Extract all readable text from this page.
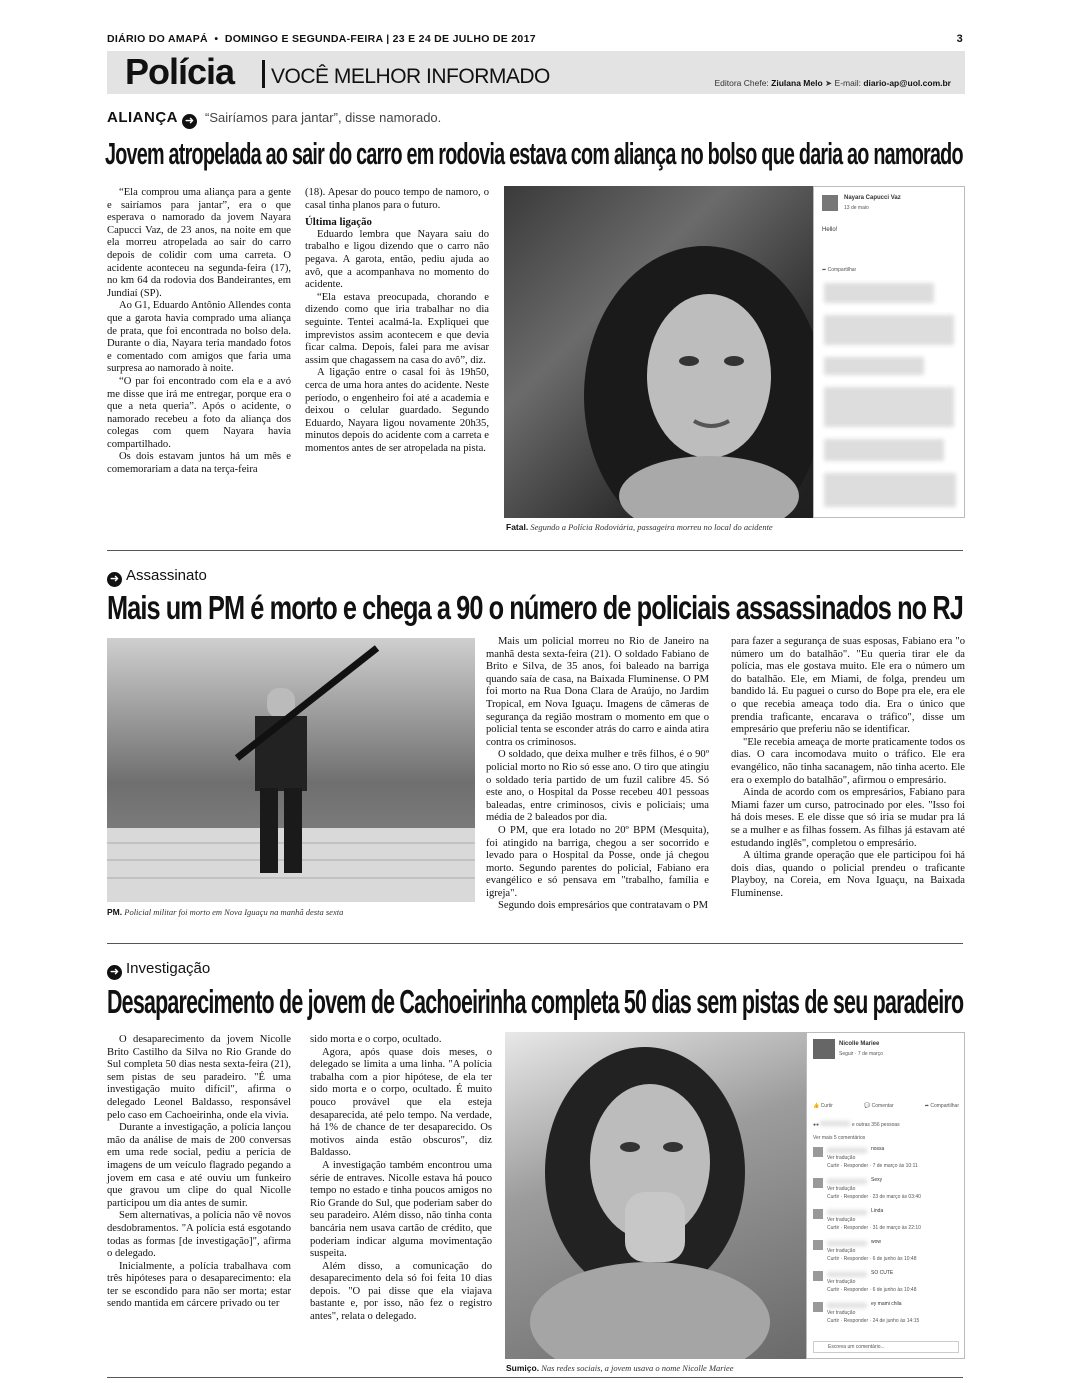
DIÁRIO DO AMAPÁ  •  DOMINGO E SEGUNDA-FEIRA | 23 E 24 DE JULHO DE 2017	3
Polícia VOCÊ MELHOR INFORMADO	Editora Chefe: Ziulana Melo ➤ E-mail: diario-ap@uol.com.br
ALIANÇA ➜ “Sairíamos para jantar”, disse namorado.
Jovem atropelada ao sair do carro em rodovia estava com aliança no bolso que daria ao namorado

“Ela comprou uma aliança para a gente e sairíamos para jantar”, era o que esperava o namorado da jovem Nayara Capucci Vaz, de 23 anos, na noite em que ela morreu atropelada ao sair do carro depois de colidir com uma carreta. O acidente aconteceu na segunda-feira (17), no km 64 da rodovia dos Bandeirantes, em Jundiaí (SP).

Ao G1, Eduardo Antônio Allendes conta que a garota havia comprado uma aliança de prata, que foi encontrada no bolso dela. Durante o dia, Nayara teria mandado fotos e comentado com amigos que faria uma surpresa ao namorado à noite.

“O par foi encontrado com ela e a avó me disse que irá me entregar, porque era o que a neta queria”. Após o acidente, o namorado recebeu a foto da aliança dos colegas com quem Nayara havia compartilhado.

Os dois estavam juntos há um mês e comemorariam a data na terça-feira

(18). Apesar do pouco tempo de namoro, o casal tinha planos para o futuro.

Última ligação

Eduardo lembra que Nayara saiu do trabalho e ligou dizendo que o carro não pegava. A garota, então, pediu ajuda ao avô, que a acompanhava no momento do acidente.

“Ela estava preocupada, chorando e dizendo como que iria trabalhar no dia seguinte. Tentei acalmá-la. Expliquei que imprevistos assim acontecem e que devia ficar calma. Depois, falei para me avisar assim que chagassem na casa do avô”, diz.

A ligação entre o casal foi às 19h50, cerca de uma hora antes do acidente. Neste período, o engenheiro foi até a academia e deixou o celular guardado. Segundo Eduardo, Nayara ligou novamente 20h35, minutos depois do acidente com a carreta e momentos antes de ser atropelada na pista.

Nayara Capucci Vaz
13 de maio
Hello!
➦ Compartilhar
Fatal. Segundo a Polícia Rodoviária, passageira morreu no local do acidente
➜ Assassinato
Mais um PM é morto e chega a 90 o número de policiais assassinados no RJ
PM. Policial militar foi morto em Nova Iguaçu na manhã desta sexta

Mais um policial morreu no Rio de Janeiro na manhã desta sexta-feira (21). O soldado Fabiano de Brito e Silva, de 35 anos, foi baleado na barriga quando saía de casa, na Baixada Fluminense. O PM foi morto na Rua Dona Clara de Araújo, no Jardim Tropical, em Nova Iguaçu. Imagens de câmeras de segurança da região mostram o momento em que o policial tenta se esconder atrás do carro e ainda atira contra os criminosos.

O soldado, que deixa mulher e três filhos, é o 90º policial morto no Rio só esse ano. O tiro que atingiu o soldado teria partido de um fuzil calibre 45. Só este ano, o Hospital da Posse recebeu 401 pessoas baleadas, entre criminosos, civis e policiais; uma média de 2 baleados por dia.

O PM, que era lotado no 20º BPM (Mesquita), foi atingido na barriga, chegou a ser socorrido e levado para o Hospital da Posse, onde já chegou morto. Segundo parentes do policial, Fabiano era evangélico e só pensava em "trabalho, família e igreja".

Segundo dois empresários que contratavam o PM

para fazer a segurança de suas esposas, Fabiano era "o número um do batalhão". "Eu queria tirar ele da polícia, mas ele gostava muito. Ele era o número um do batalhão. Ele, em Miami, de folga, prendeu um bandido lá. Eu paguei o curso do Bope pra ele, era ele o que recebia ameaça todo dia. Era o único que prendia traficante, encarava o tráfico", disse um empresário que preferiu não se identificar.

"Ele recebia ameaça de morte praticamente todos os dias. O cara incomodava muito o tráfico. Ele era evangélico, não tinha sacanagem, não tinha acerto. Ele era o exemplo do batalhão", afirmou o empresário.

Ainda de acordo com os empresários, Fabiano para Miami fazer um curso, patrocinado por eles. "Isso foi há dois meses. E ele disse que só iria se mudar pra lá se a mulher e as filhas fossem. As filhas já estavam até estudando inglês", completou o empresário.

A última grande operação que ele participou foi há dois dias, quando o policial prendeu o traficante Playboy, na Coreia, em Nova Iguaçu, na Baixada Fluminense.

➜ Investigação
Desaparecimento de jovem de Cachoeirinha completa 50 dias sem pistas de seu paradeiro

O desaparecimento da jovem Nicolle Brito Castilho da Silva no Rio Grande do Sul completa 50 dias nesta sexta-feira (21), sem pistas de seu paradeiro. "É uma investigação muito difícil", afirma o delegado Leonel Baldasso, responsável pelo caso em Cachoeirinha, onde ela vivia.

Durante a investigação, a polícia lançou mão da análise de mais de 200 conversas em uma rede social, pediu a perícia de imagens de um veículo flagrado pegando a jovem em casa e até ouviu um funkeiro que gravou um clipe do qual Nicolle participou um dia antes de sumir.

Sem alternativas, a polícia não vê novos desdobramentos. "A polícia está esgotando todas as formas [de investigação]", afirma o delegado.

Inicialmente, a polícia trabalhava com três hipóteses para o desaparecimento: ela ter se escondido para não ser morta; estar sendo mantida em cárcere privado ou ter

sido morta e o corpo, ocultado.

Agora, após quase dois meses, o delegado se limita a uma linha. "A polícia trabalha com a pior hipótese, de ela ter sido morta e o corpo, ocultado. É muito pouco provável que ela esteja desaparecida, até pelo tempo. Na verdade, há 1% de chance de ter desaparecido. Os motivos ainda estão obscuros", diz Baldasso.

A investigação também encontrou uma série de entraves. Nicolle estava há pouco tempo no estado e tinha poucos amigos no Rio Grande do Sul, que poderiam saber do seu paradeiro. Além disso, não tinha conta bancária nem usava cartão de crédito, que poderiam indicar alguma movimentação suspeita.

Além disso, a comunicação do desaparecimento dela só foi feita 10 dias depois. "O pai disse que ela viajava bastante e, por isso, não fez o registro antes", relata o delegado.

Nicolle Mariee
Seguir · 7 de março
👍 Curtir	💬 Comentar	➦ Compartilhar
●●	e outras 356 pessoas
Ver mais 5 comentários
nossa
Ver tradução
Curtir · Responder · 7 de março às 10:11
Sexy
Ver tradução
Curtir · Responder · 23 de março às 03:40
Linda
Ver tradução
Curtir · Responder · 31 de março às 22:10
wow
Ver tradução
Curtir · Responder · 6 de junho às 10:48
SO CUTE
Ver tradução
Curtir · Responder · 6 de junho às 10:48
ey mami chila
Ver tradução
Curtir · Responder · 24 de junho às 14:15
Escreva um comentário...
Sumiço. Nas redes sociais, a jovem usava o nome Nicolle Mariee
